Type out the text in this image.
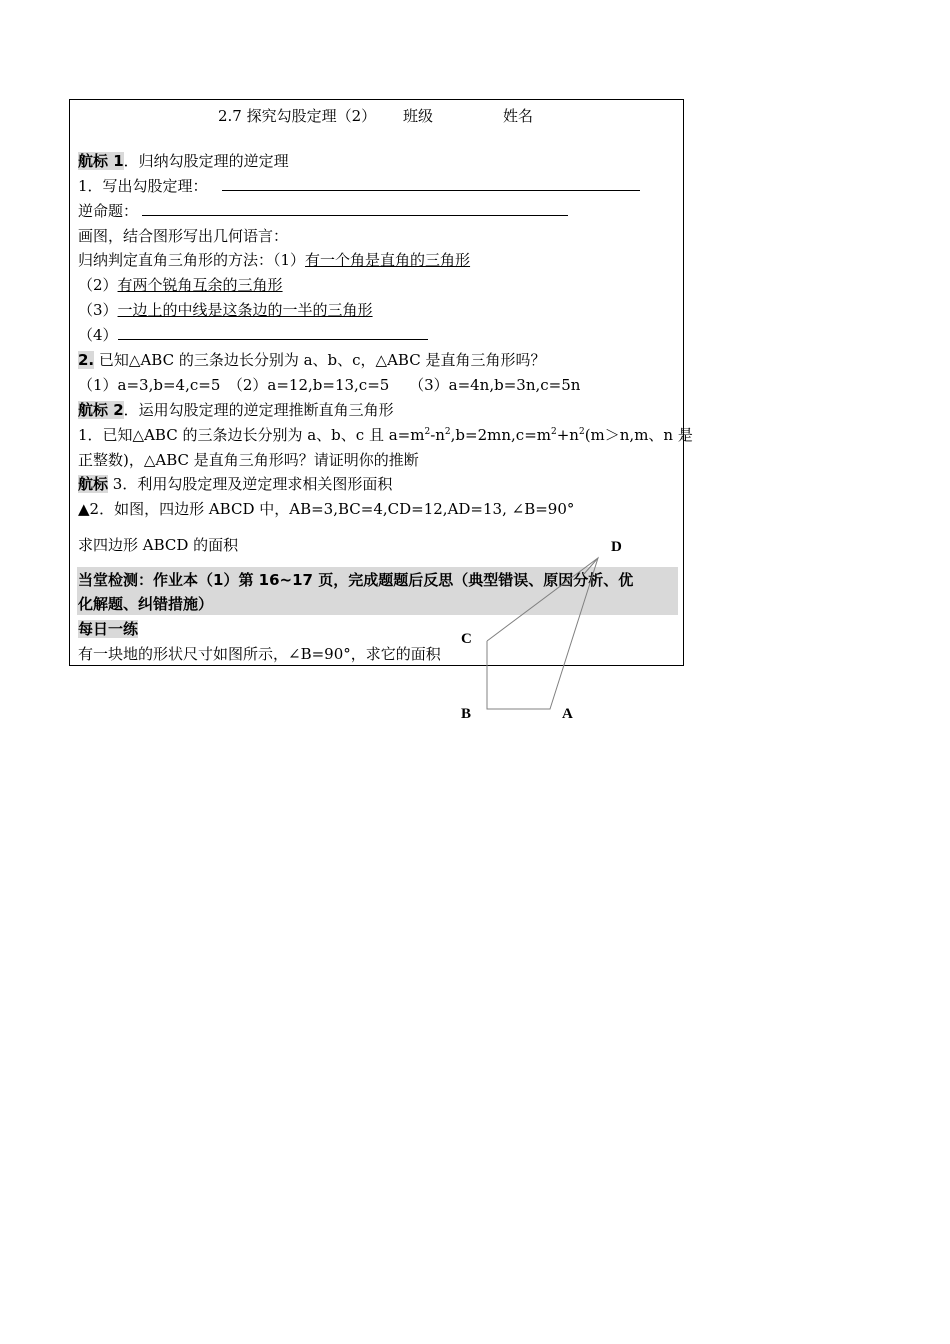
2.7 探究勾股定理（2） 班级	姓名
航标 1．归纳勾股定理的逆定理
1．写出勾股定理：
逆命题：
画图，结合图形写出几何语言：
归纳判定直角三角形的方法：（1）有一个角是直角的三角形
（2）有两个锐角互余的三角形
（3）一边上的中线是这条边的一半的三角形
（4）
2. 已知△ABC 的三条边长分别为 a、b、c，△ABC 是直角三角形吗？
（1）a=3,b=4,c=5　（2）a=12,b=13,c=5　 （3）a=4n,b=3n,c=5n
航标 2．运用勾股定理的逆定理推断直角三角形
1．已知△ABC 的三条边长分别为 a、b、c 且 $a=m^2-n^2,b=2mn,c=m^2+n^2(m>n,m$、n 是
正整数)，△ABC 是直角三角形吗？请证明你的推断
航标 3．利用勾股定理及逆定理求相关图形面积
▲2．如图，四边形 ABCD 中，AB=3,BC=4,CD=12,AD=13, ∠B=90°
求四边形 ABCD 的面积
当堂检测：作业本（1）第 16~17 页，完成题题后反思（典型错误、原因分析、优
化解题、纠错措施）
每日一练
有一块地的形状尺寸如图所示，∠B=90°，求它的面积
D
C
B	A
